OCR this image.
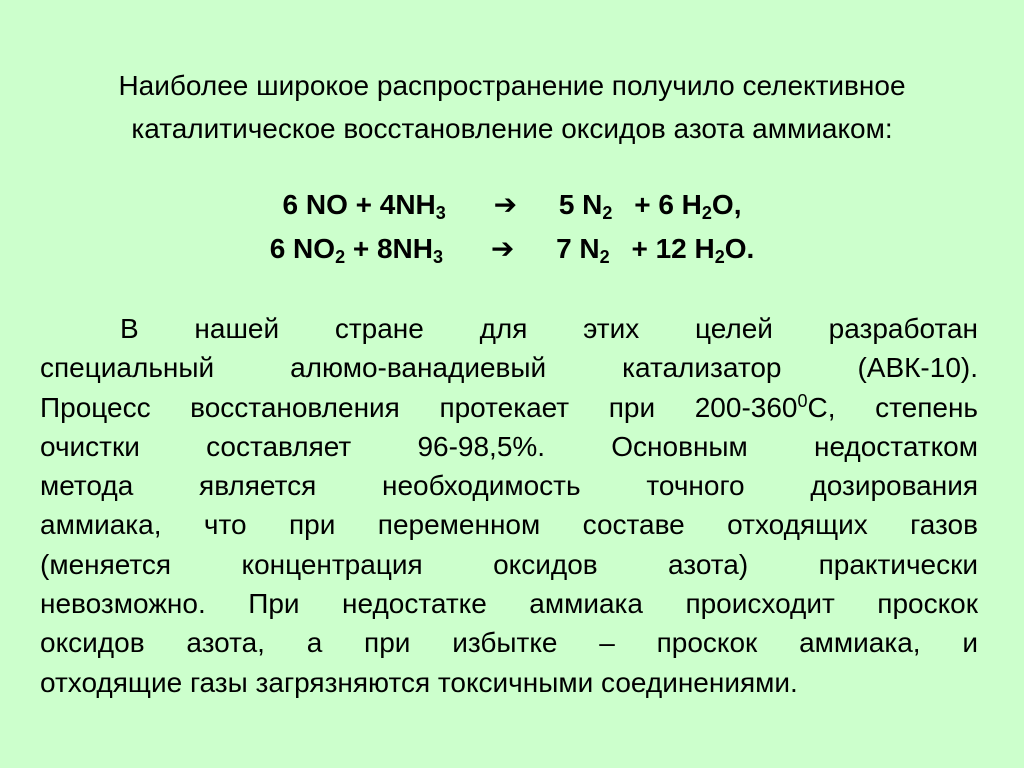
Наиболее широкое распространение получило селективное
каталитическое восстановление оксидов азота аммиаком:
6 NO + $4NH_3$ ➔ 5 $N_2 + 6$ $H_2O$,
6 $NO_2 + 8NH_3$ ➔ 7 $N_2 + 12$ $H_2O$.
В нашей стране для этих целей разработан
специальный алюмо-ванадиевый катализатор (АВК-10).
Процесс восстановления протекает при $200-360^0С$, степень
очистки составляет 96-98,5%. Основным недостатком
метода является необходимость точного дозирования
аммиака, что при переменном составе отходящих газов
(меняется концентрация оксидов азота) практически
невозможно. При недостатке аммиака происходит проскок
оксидов азота, а при избытке – проскок аммиака, и
отходящие газы загрязняются токсичными соединениями.
